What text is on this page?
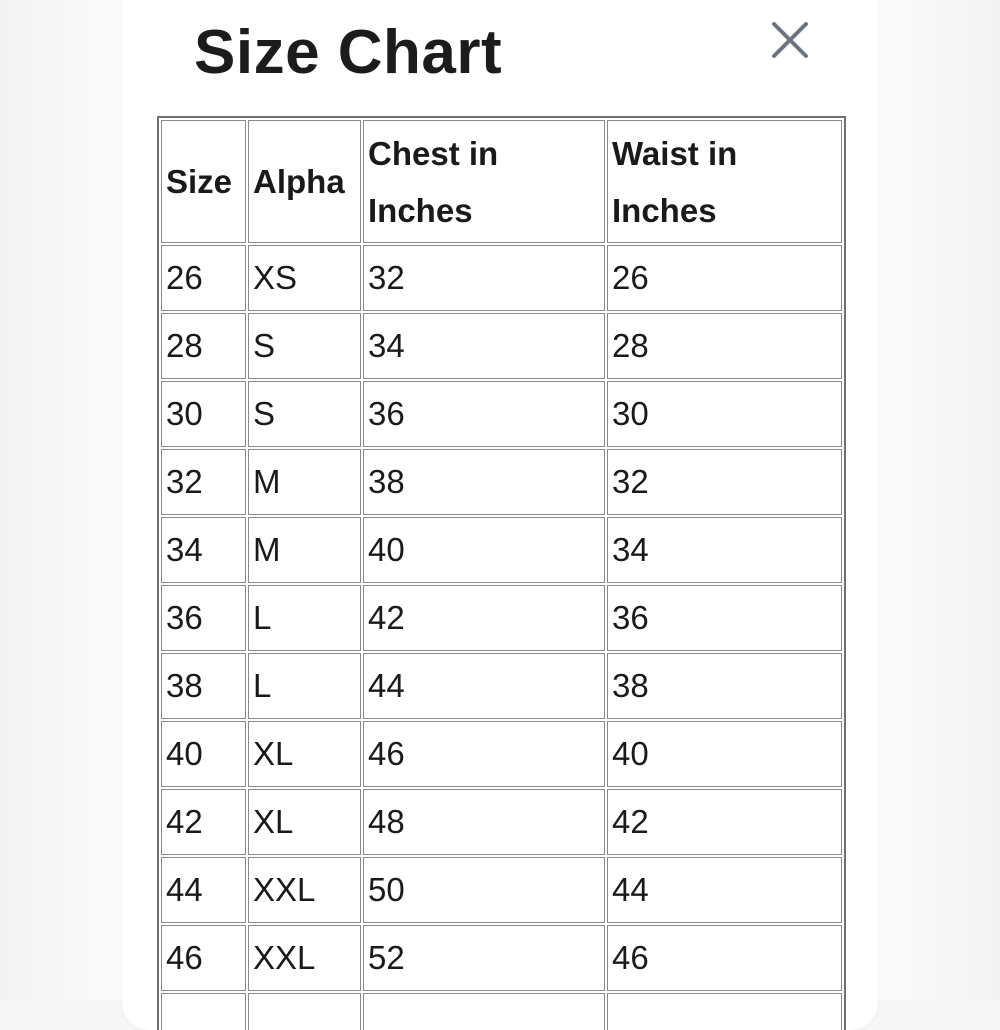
Size Chart
Size	Alpha	Chest in Inches	Waist in Inches
26	XS	32	26
28	S	34	28
30	S	36	30
32	M	38	32
34	M	40	34
36	L	42	36
38	L	44	38
40	XL	46	40
42	XL	48	42
44	XXL	50	44
46	XXL	52	46
